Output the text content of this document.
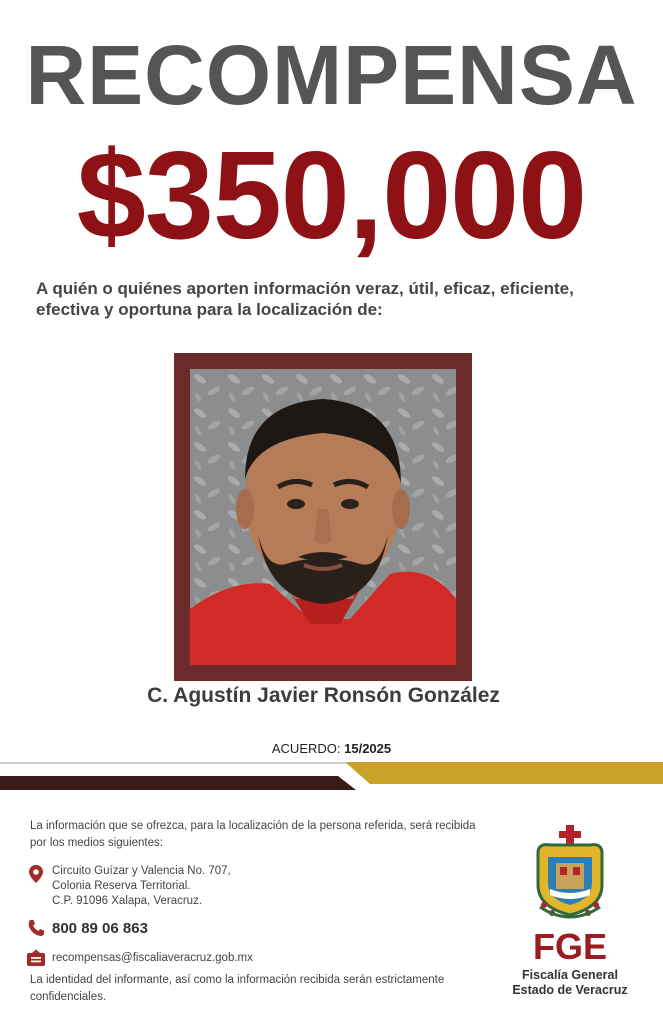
RECOMPENSA
$350,000
A quién o quiénes aporten información veraz, útil, eficaz, eficiente, efectiva y oportuna para la localización de:
C. Agustín Javier Ronsón González
ACUERDO: 15/2025
La información que se ofrezca, para la localización de la persona referida, será recibida por los medios siguientes:
Circuito Guízar y Valencia No. 707,
Colonia Reserva Territorial.
C.P. 91096 Xalapa, Veracruz.
800 89 06 863
recompensas@fiscaliaveracruz.gob.mx
La identidad del informante, así como la información recibida serán estrictamente confidenciales.
FGE
Fiscalía General
Estado de Veracruz
